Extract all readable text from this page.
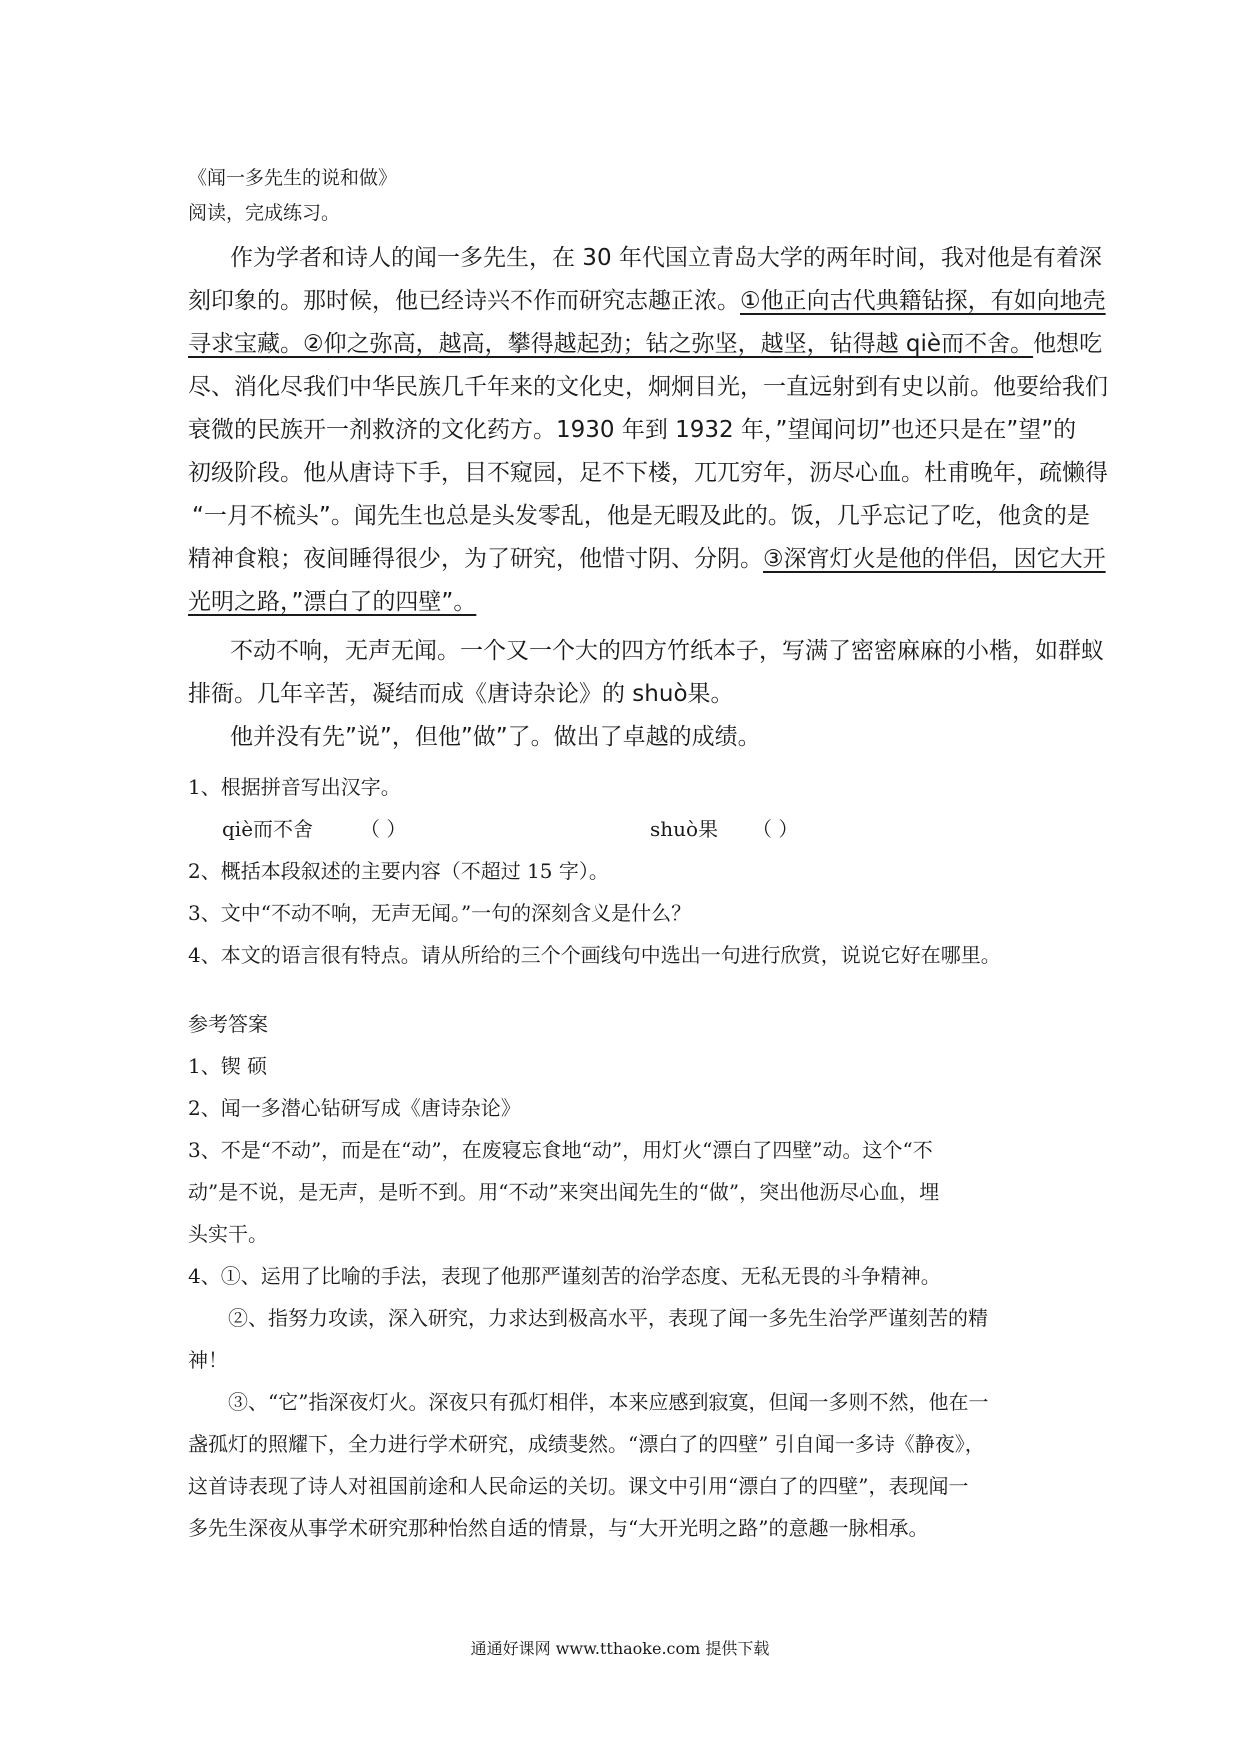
《闻一多先生的说和做》
阅读，完成练习。
作为学者和诗人的闻一多先生，在 30 年代国立青岛大学的两年时间，我对他是有着深
刻印象的。那时候，他已经诗兴不作而研究志趣正浓。①他正向古代典籍钻探，有如向地壳
寻求宝藏。②仰之弥高，越高，攀得越起劲；钻之弥坚，越坚，钻得越 qiè而不舍。他想吃
尽、消化尽我们中华民族几千年来的文化史，炯炯目光，一直远射到有史以前。他要给我们
衰微的民族开一剂救济的文化药方。1930 年到 1932 年，”望闻问切”也还只是在”望”的
初级阶段。他从唐诗下手，目不窥园，足不下楼，兀兀穷年，沥尽心血。杜甫晚年，疏懒得
“一月不梳头”。闻先生也总是头发零乱，他是无暇及此的。饭，几乎忘记了吃，他贪的是
精神食粮；夜间睡得很少，为了研究，他惜寸阴、分阴。③深宵灯火是他的伴侣，因它大开
光明之路，”漂白了的四壁”。
不动不响，无声无闻。一个又一个大的四方竹纸本子，写满了密密麻麻的小楷，如群蚁
排衙。几年辛苦，凝结而成《唐诗杂论》的 shuò果。
他并没有先”说”，但他”做”了。做出了卓越的成绩。
1、根据拼音写出汉字。
qiè而不舍 （ ）	shuò果 （ ）
2、概括本段叙述的主要内容（不超过 15 字）。
3、文中“不动不响，无声无闻。”一句的深刻含义是什么？
4、本文的语言很有特点。请从所给的三个个画线句中选出一句进行欣赏，说说它好在哪里。
参考答案
1、锲 硕
2、闻一多潜心钻研写成《唐诗杂论》
3、不是“不动”，而是在“动”，在废寝忘食地“动”，用灯火“漂白了四壁”动。这个“不
动”是不说，是无声，是听不到。用“不动”来突出闻先生的“做”，突出他沥尽心血，埋
头实干。
4、①、运用了比喻的手法，表现了他那严谨刻苦的治学态度、无私无畏的斗争精神。
②、指努力攻读，深入研究，力求达到极高水平，表现了闻一多先生治学严谨刻苦的精
神！
③、“它”指深夜灯火。深夜只有孤灯相伴，本来应感到寂寞，但闻一多则不然，他在一
盏孤灯的照耀下，全力进行学术研究，成绩斐然。“漂白了的四壁” 引自闻一多诗《静夜》，
这首诗表现了诗人对祖国前途和人民命运的关切。课文中引用“漂白了的四壁”，表现闻一
多先生深夜从事学术研究那种怡然自适的情景，与“大开光明之路”的意趣一脉相承。
通通好课网 www.tthaoke.com 提供下载
